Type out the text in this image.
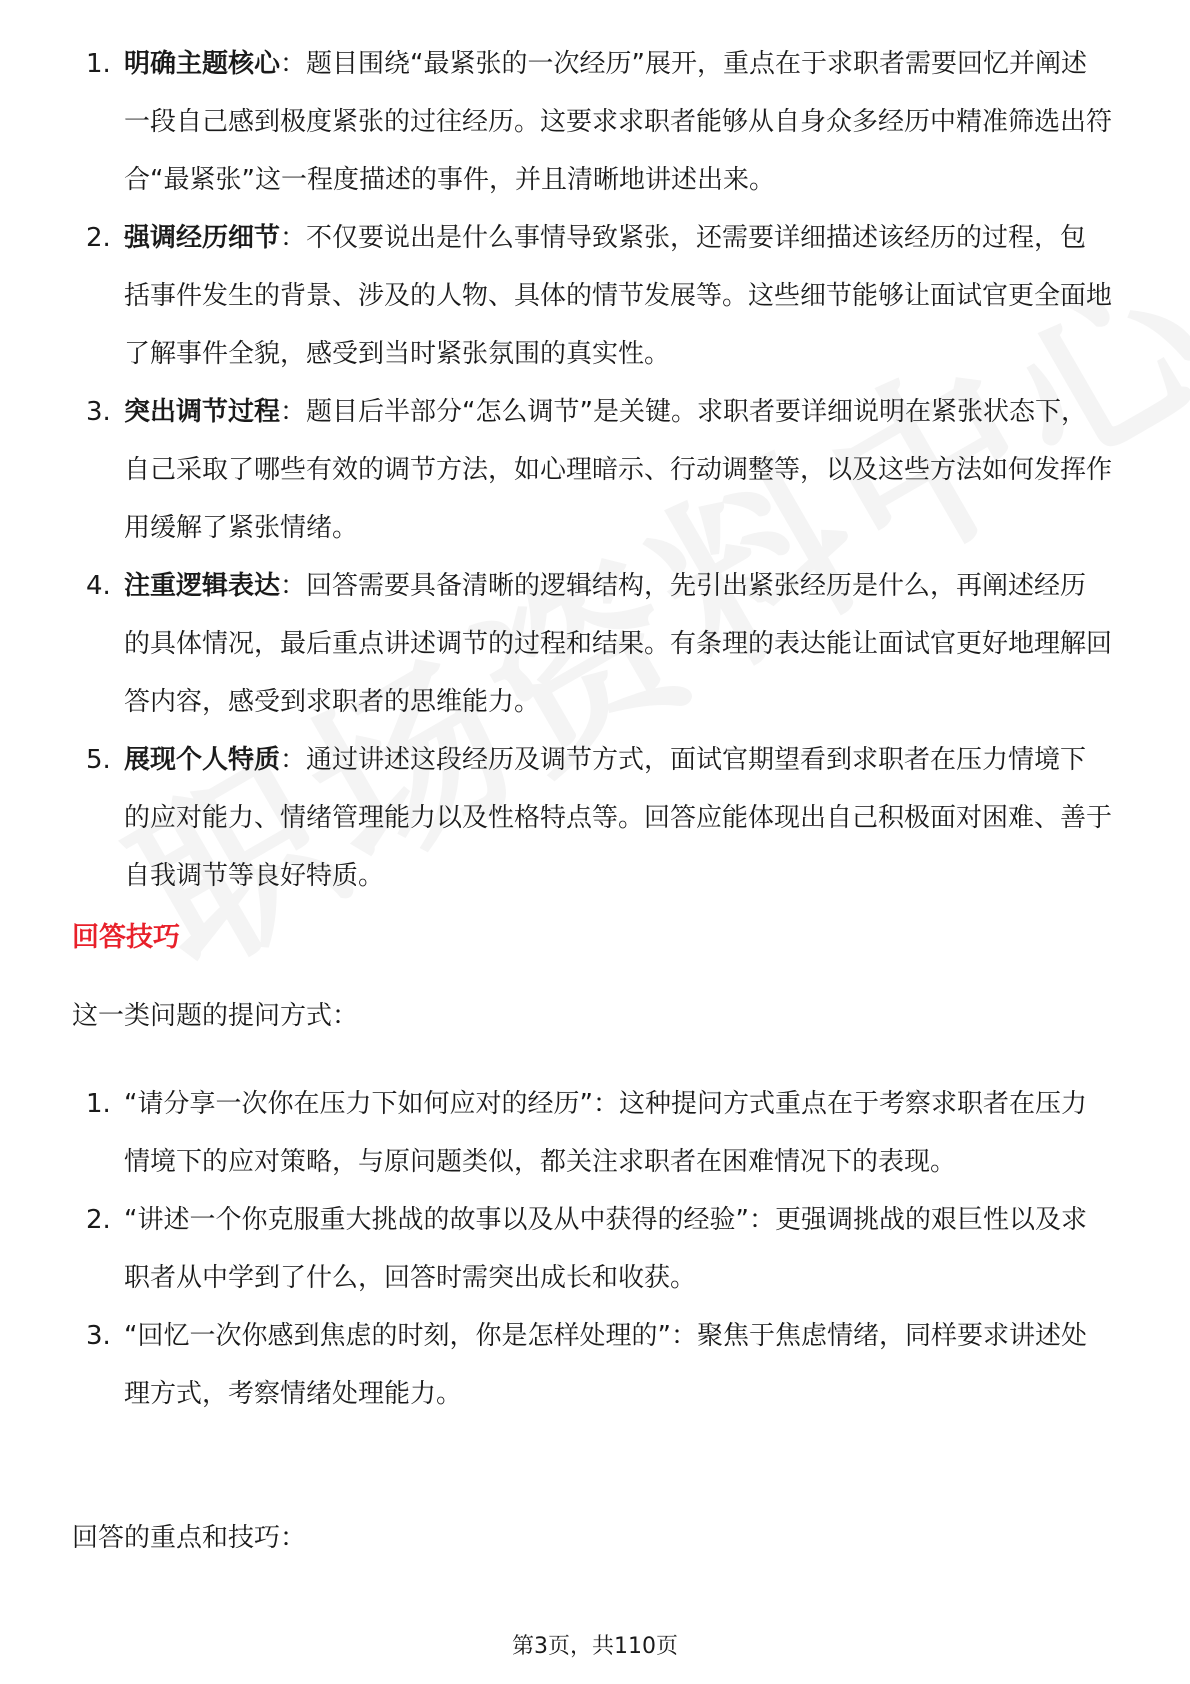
1. 明确主题核心：题目围绕“最紧张的一次经历”展开，重点在于求职者需要回忆并阐述一段自己感到极度紧张的过往经历。这要求求职者能够从自身众多经历中精准筛选出符合“最紧张”这一程度描述的事件，并且清晰地讲述出来。
2. 强调经历细节：不仅要说出是什么事情导致紧张，还需要详细描述该经历的过程，包括事件发生的背景、涉及的人物、具体的情节发展等。这些细节能够让面试官更全面地了解事件全貌，感受到当时紧张氛围的真实性。
3. 突出调节过程：题目后半部分“怎么调节”是关键。求职者要详细说明在紧张状态下，自己采取了哪些有效的调节方法，如心理暗示、行动调整等，以及这些方法如何发挥作用缓解了紧张情绪。
4. 注重逻辑表达：回答需要具备清晰的逻辑结构，先引出紧张经历是什么，再阐述经历的具体情况，最后重点讲述调节的过程和结果。有条理的表达能让面试官更好地理解回答内容，感受到求职者的思维能力。
5. 展现个人特质：通过讲述这段经历及调节方式，面试官期望看到求职者在压力情境下的应对能力、情绪管理能力以及性格特点等。回答应能体现出自己积极面对困难、善于自我调节等良好特质。
回答技巧
这一类问题的提问方式：
1. “请分享一次你在压力下如何应对的经历”：这种提问方式重点在于考察求职者在压力情境下的应对策略，与原问题类似，都关注求职者在困难情况下的表现。
2. “讲述一个你克服重大挑战的故事以及从中获得的经验”：更强调挑战的艰巨性以及求职者从中学到了什么，回答时需突出成长和收获。
3. “回忆一次你感到焦虑的时刻，你是怎样处理的”：聚焦于焦虑情绪，同样要求讲述处理方式，考察情绪处理能力。
回答的重点和技巧：
第3页，共110页
